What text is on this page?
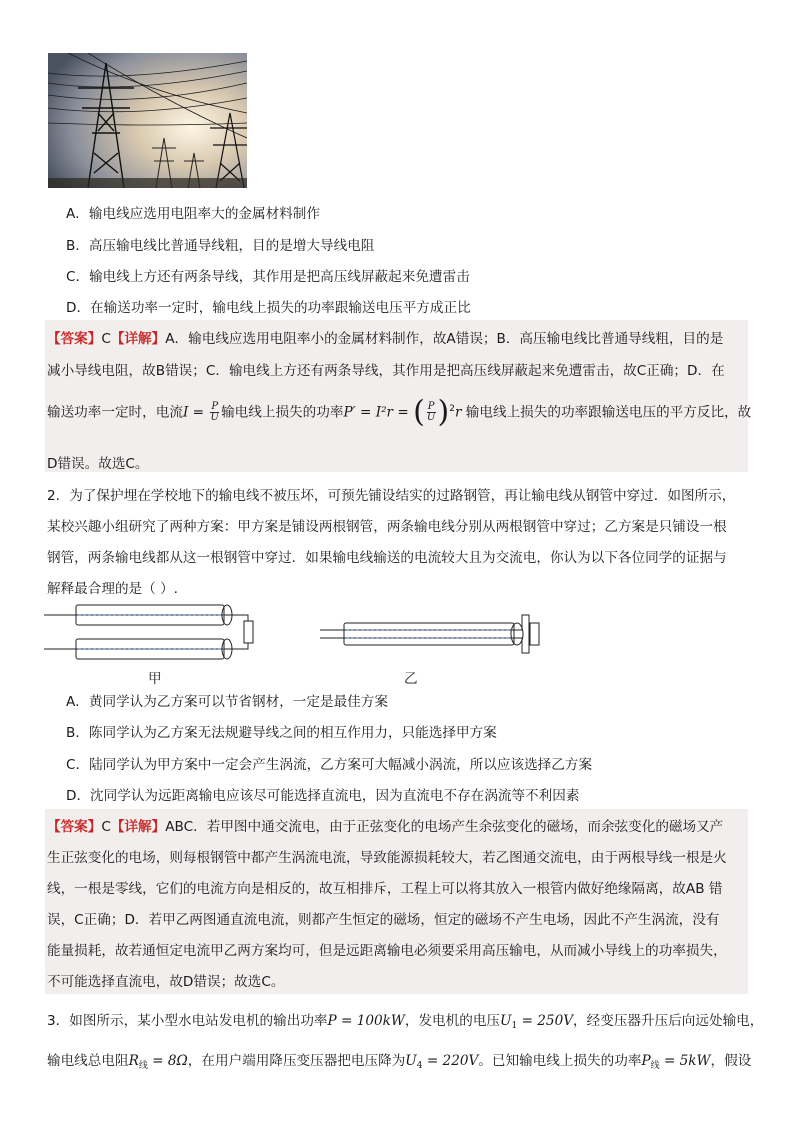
A．输电线应选用电阻率大的金属材料制作
B．高压输电线比普通导线粗，目的是增大导线电阻
C．输电线上方还有两条导线，其作用是把高压线屏蔽起来免遭雷击
D．在输送功率一定时，输电线上损失的功率跟输送电压平方成正比
【答案】C【详解】A．输电线应选用电阻率小的金属材料制作，故A错误；B．高压输电线比普通导线粗，目的是
减小导线电阻，故B错误；C．输电线上方还有两条导线，其作用是把高压线屏蔽起来免遭雷击，故C正确；D．在
输送功率一定时，电流$I = \frac{P}{U}$ 输电线上损失的功率P′ = I²r = ( $\frac{P}{U} )^2r$ 输电线上损失的功率跟输送电压的平方反比，故
D错误。故选C。
2．为了保护埋在学校地下的输电线不被压坏，可预先铺设结实的过路钢管，再让输电线从钢管中穿过．如图所示，
某校兴趣小组研究了两种方案：甲方案是铺设两根钢管，两条输电线分别从两根钢管中穿过；乙方案是只铺设一根
钢管，两条输电线都从这一根钢管中穿过．如果输电线输送的电流较大且为交流电，你认为以下各位同学的证据与
解释最合理的是（ ）.
甲	乙
A．黄同学认为乙方案可以节省钢材，一定是最佳方案
B．陈同学认为乙方案无法规避导线之间的相互作用力，只能选择甲方案
C．陆同学认为甲方案中一定会产生涡流，乙方案可大幅减小涡流，所以应该选择乙方案
D．沈同学认为远距离输电应该尽可能选择直流电，因为直流电不存在涡流等不利因素
【答案】C【详解】ABC．若甲图中通交流电，由于正弦变化的电场产生余弦变化的磁场，而余弦变化的磁场又产
生正弦变化的电场，则每根钢管中都产生涡流电流，导致能源损耗较大，若乙图通交流电，由于两根导线一根是火
线，一根是零线，它们的电流方向是相反的，故互相排斥，工程上可以将其放入一根管内做好绝缘隔离，故AB 错
误，C正确；D．若甲乙两图通直流电流，则都产生恒定的磁场，恒定的磁场不产生电场，因此不产生涡流，没有
能量损耗，故若通恒定电流甲乙两方案均可，但是远距离输电必须要采用高压输电，从而减小导线上的功率损失，
不可能选择直流电，故D错误；故选C。
3．如图所示，某小型水电站发电机的输出功率P = 100kW，发电机的电压$U_1 = 250V$，经变压器升压后向远处输电，
输电线总电阻$R_线 = 8\Omega$，在用户端用降压变压器把电压降为$U_4 = 220V$。已知输电线上损失的功率$P_线 = 5kW$，假设
